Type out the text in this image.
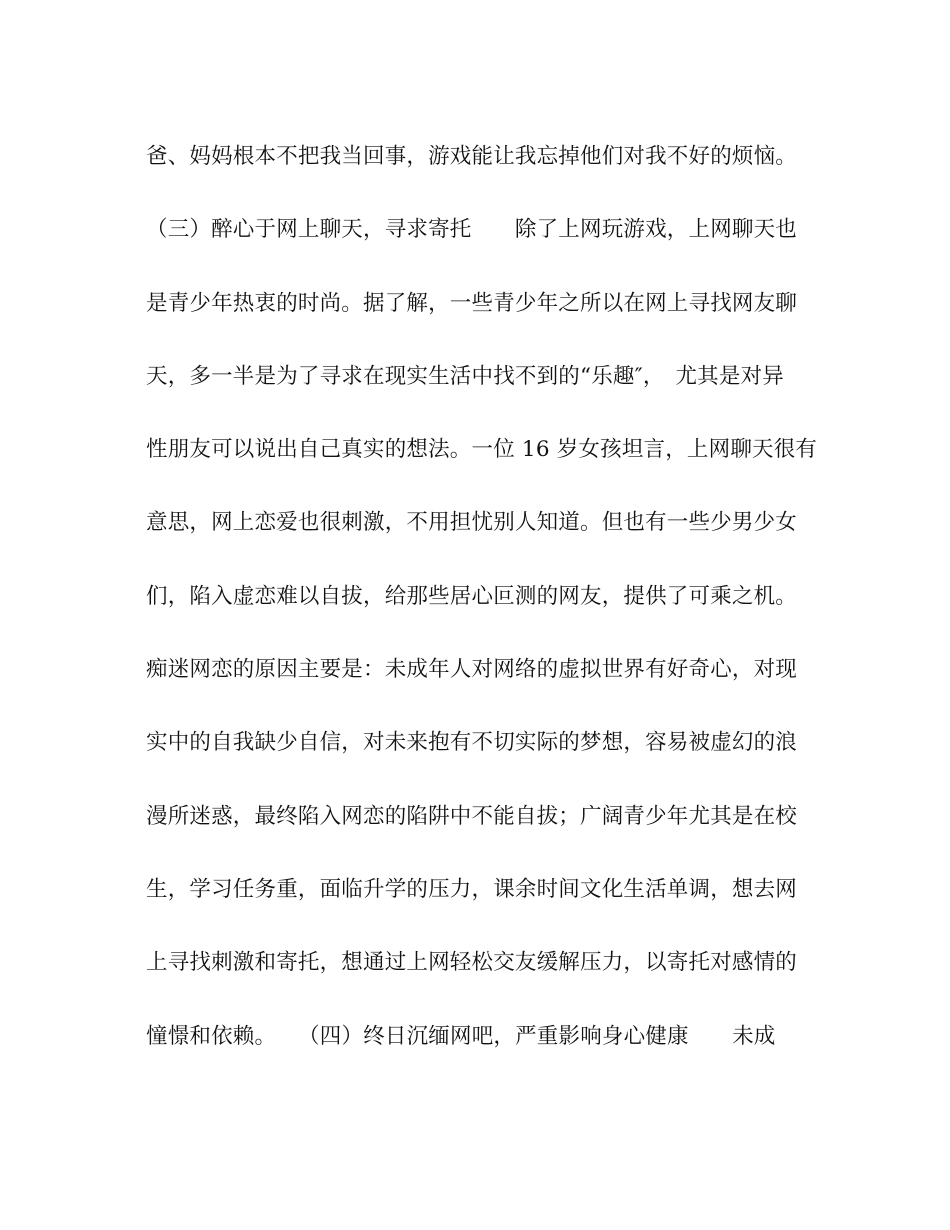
爸、妈妈根本不把我当回事，游戏能让我忘掉他们对我不好的烦恼。
（三）醉心于网上聊天，寻求寄托　　除了上网玩游戏，上网聊天也
是青少年热衷的时尚。据了解，一些青少年之所以在网上寻找网友聊
天，多一半是为了寻求在现实生活中找不到的“乐趣″，　尤其是对异
性朋友可以说出自己真实的想法。一位 16 岁女孩坦言，上网聊天很有
意思，网上恋爱也很刺激，不用担忧别人知道。但也有一些少男少女
们，陷入虚恋难以自拔，给那些居心叵测的网友，提供了可乘之机。
痴迷网恋的原因主要是：未成年人对网络的虚拟世界有好奇心，对现
实中的自我缺少自信，对未来抱有不切实际的梦想，容易被虚幻的浪
漫所迷惑，最终陷入网恋的陷阱中不能自拔；广阔青少年尤其是在校
生，学习任务重，面临升学的压力，课余时间文化生活单调，想去网
上寻找刺激和寄托，想通过上网轻松交友缓解压力，以寄托对感情的
憧憬和依赖。　　（四）终日沉缅网吧，严重影响身心健康　　未成
